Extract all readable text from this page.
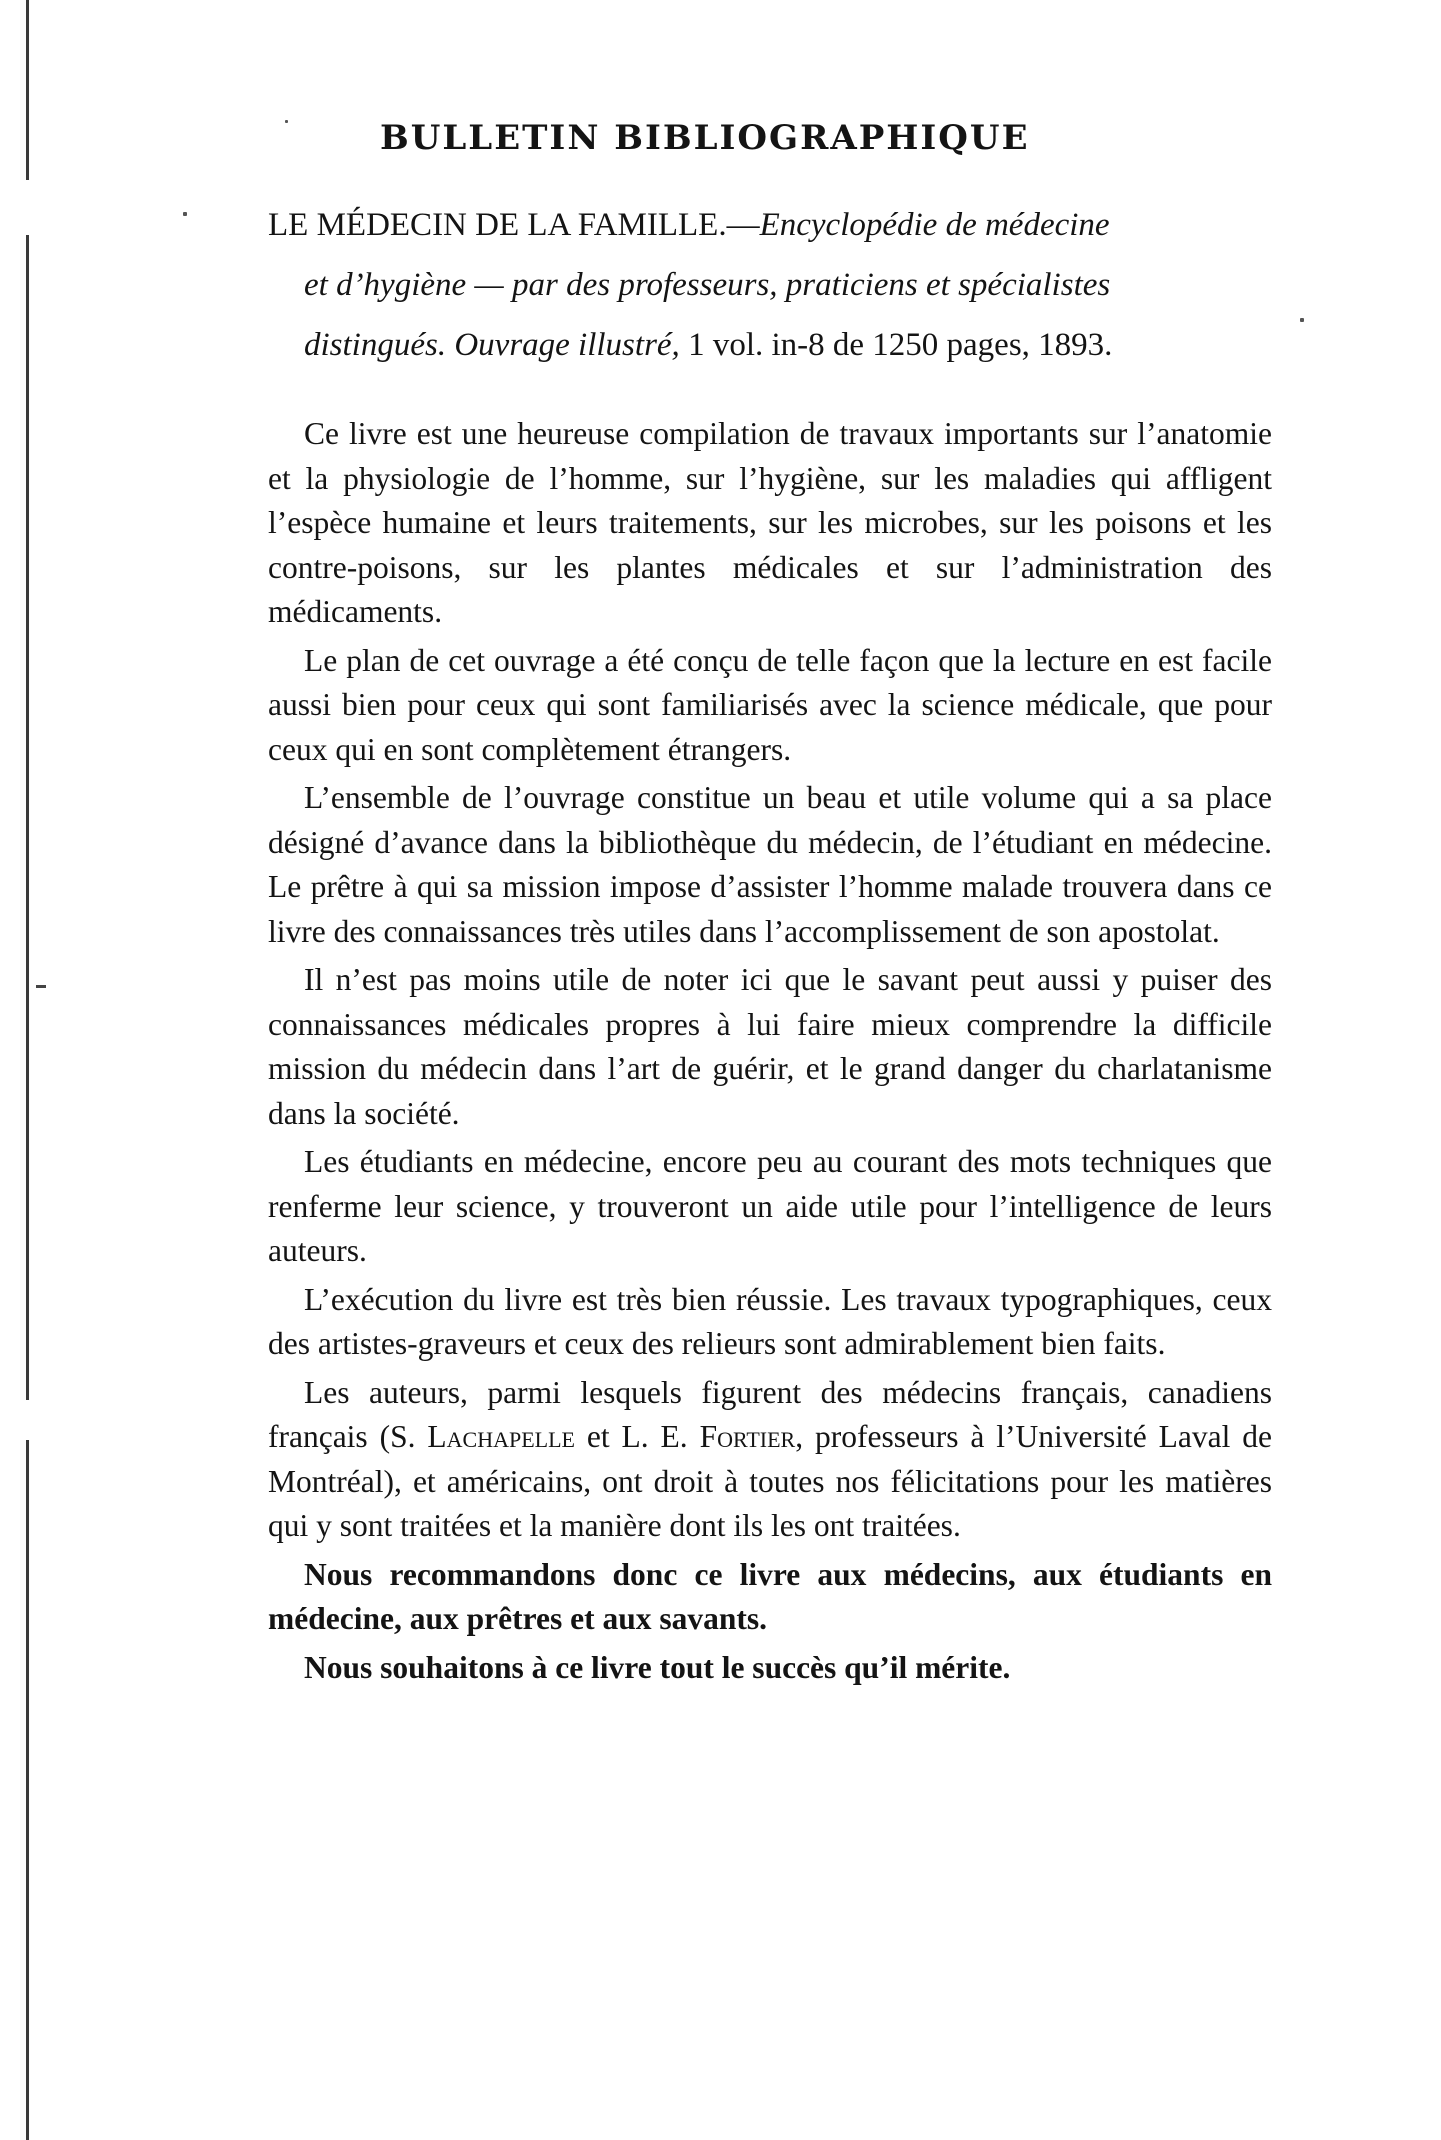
BULLETIN BIBLIOGRAPHIQUE
LE MÉDECIN DE LA FAMILLE.—Encyclopédie de médecine
et d’hygiène — par des professeurs, praticiens et spécialistes
distingués. Ouvrage illustré, 1 vol. in-8 de 1250 pages, 1893.

Ce livre est une heureuse compilation de travaux importants sur l’anatomie et la physiologie de l’homme, sur l’hygiène, sur les maladies qui affligent l’espèce humaine et leurs traitements, sur les microbes, sur les poisons et les contre-poisons, sur les plantes médicales et sur l’administration des médicaments.

Le plan de cet ouvrage a été conçu de telle façon que la lecture en est facile aussi bien pour ceux qui sont familiarisés avec la science médicale, que pour ceux qui en sont complètement étrangers.

L’ensemble de l’ouvrage constitue un beau et utile volume qui a sa place désigné d’avance dans la bibliothèque du médecin, de l’étudiant en médecine. Le prêtre à qui sa mission impose d’assister l’homme malade trouvera dans ce livre des connaissances très utiles dans l’accomplissement de son apostolat.

Il n’est pas moins utile de noter ici que le savant peut aussi y puiser des connaissances médicales propres à lui faire mieux comprendre la difficile mission du médecin dans l’art de guérir, et le grand danger du charlatanisme dans la société.

Les étudiants en médecine, encore peu au courant des mots techniques que renferme leur science, y trouveront un aide utile pour l’intelligence de leurs auteurs.

L’exécution du livre est très bien réussie. Les travaux typographiques, ceux des artistes-graveurs et ceux des relieurs sont admirablement bien faits.

Les auteurs, parmi lesquels figurent des médecins français, canadiens français (S. Lachapelle et L. E. Fortier, professeurs à l’Université Laval de Montréal), et américains, ont droit à toutes nos félicitations pour les matières qui y sont traitées et la manière dont ils les ont traitées.

Nous recommandons donc ce livre aux médecins, aux étudiants en médecine, aux prêtres et aux savants.

Nous souhaitons à ce livre tout le succès qu’il mérite.
